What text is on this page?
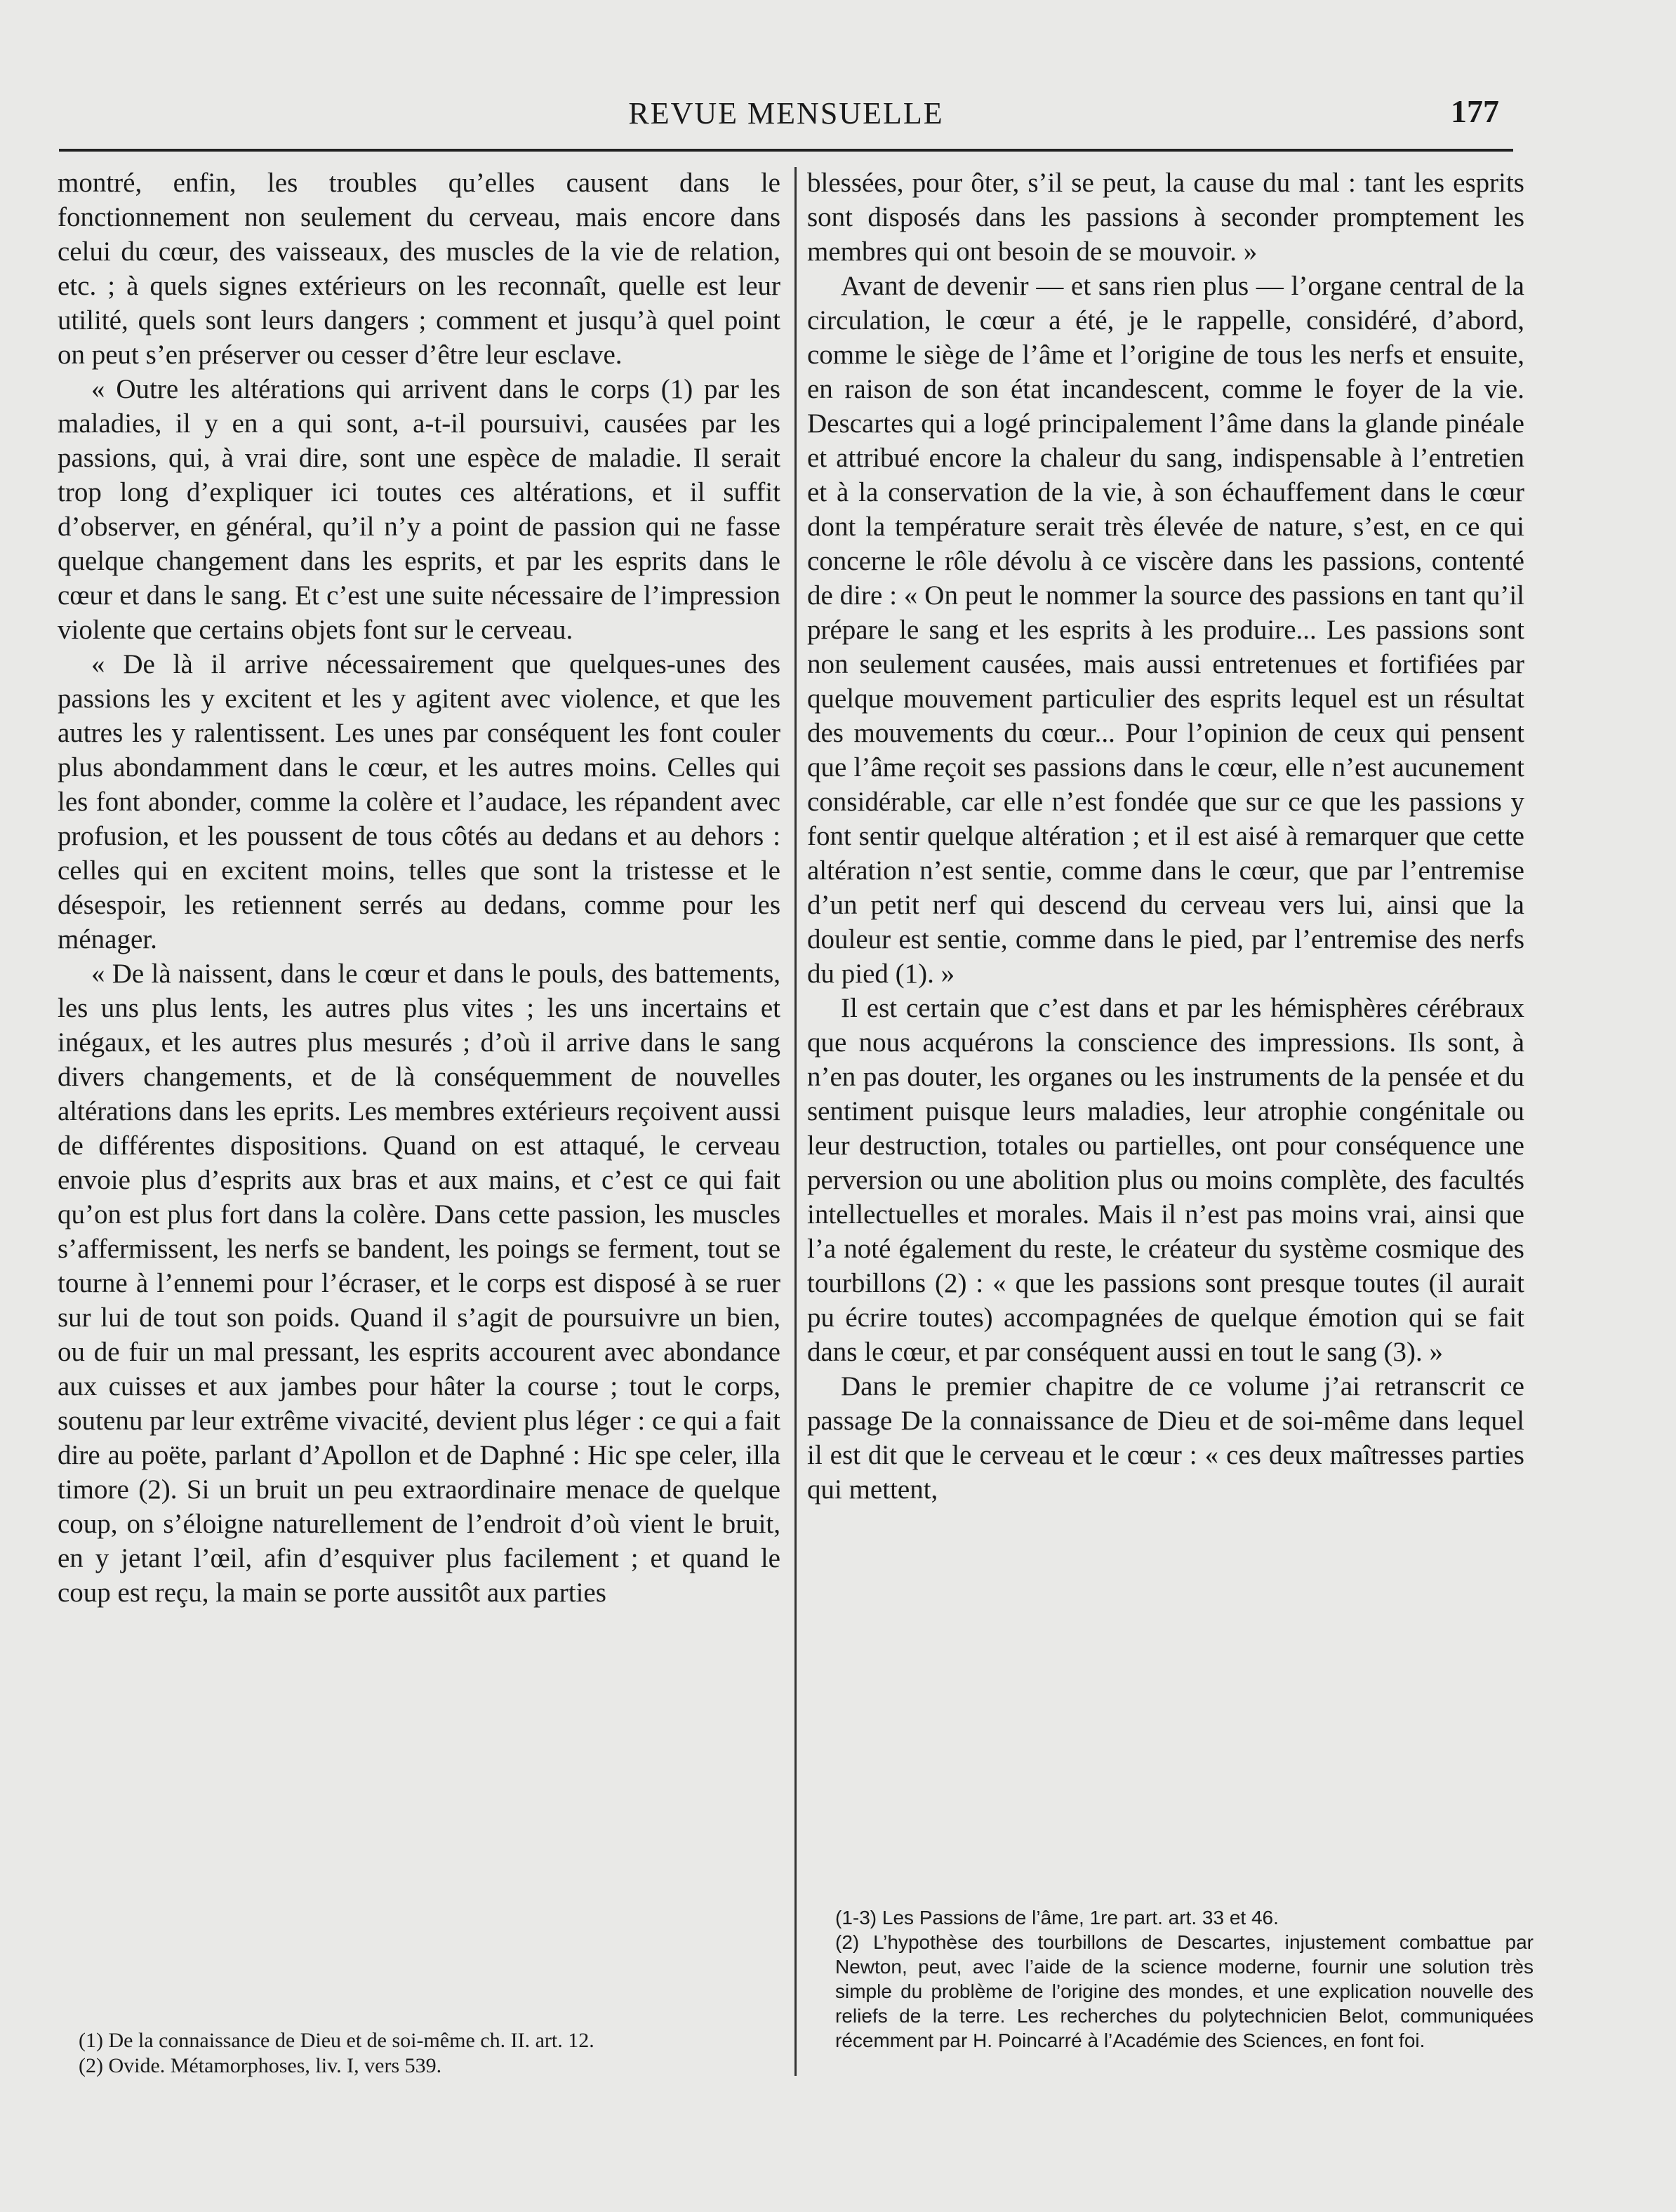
REVUE MENSUELLE	177

montré, enfin, les troubles qu’elles causent dans le fonctionnement non seulement du cerveau, mais encore dans celui du cœur, des vaisseaux, des muscles de la vie de relation, etc. ; à quels signes extérieurs on les reconnaît, quelle est leur utilité, quels sont leurs dangers ; comment et jusqu’à quel point on peut s’en préserver ou cesser d’être leur esclave.

« Outre les altérations qui arrivent dans le corps (1) par les maladies, il y en a qui sont, a-t-il poursuivi, causées par les passions, qui, à vrai dire, sont une espèce de maladie. Il serait trop long d’expliquer ici toutes ces altérations, et il suffit d’observer, en général, qu’il n’y a point de passion qui ne fasse quelque changement dans les esprits, et par les esprits dans le cœur et dans le sang. Et c’est une suite nécessaire de l’impression violente que certains objets font sur le cerveau.

« De là il arrive nécessairement que quelques-unes des passions les y excitent et les y agitent avec violence, et que les autres les y ralentissent. Les unes par conséquent les font couler plus abondamment dans le cœur, et les autres moins. Celles qui les font abonder, comme la colère et l’audace, les répandent avec profusion, et les poussent de tous côtés au dedans et au dehors : celles qui en excitent moins, telles que sont la tristesse et le désespoir, les retiennent serrés au dedans, comme pour les ménager.

« De là naissent, dans le cœur et dans le pouls, des battements, les uns plus lents, les autres plus vites ; les uns incertains et inégaux, et les autres plus mesurés ; d’où il arrive dans le sang divers changements, et de là conséquemment de nouvelles altérations dans les eprits. Les membres extérieurs reçoivent aussi de différentes dispositions. Quand on est attaqué, le cerveau envoie plus d’esprits aux bras et aux mains, et c’est ce qui fait qu’on est plus fort dans la colère. Dans cette passion, les muscles s’affermissent, les nerfs se bandent, les poings se ferment, tout se tourne à l’ennemi pour l’écraser, et le corps est disposé à se ruer sur lui de tout son poids. Quand il s’agit de poursuivre un bien, ou de fuir un mal pressant, les esprits accourent avec abondance aux cuisses et aux jambes pour hâter la course ; tout le corps, soutenu par leur extrême vivacité, devient plus léger : ce qui a fait dire au poëte, parlant d’Apollon et de Daphné : Hic spe celer, illa timore (2). Si un bruit un peu extraordinaire menace de quelque coup, on s’éloigne naturellement de l’endroit d’où vient le bruit, en y jetant l’œil, afin d’esquiver plus facilement ; et quand le coup est reçu, la main se porte aussitôt aux parties

blessées, pour ôter, s’il se peut, la cause du mal : tant les esprits sont disposés dans les passions à seconder promptement les membres qui ont besoin de se mouvoir. »

Avant de devenir — et sans rien plus — l’organe central de la circulation, le cœur a été, je le rappelle, considéré, d’abord, comme le siège de l’âme et l’origine de tous les nerfs et ensuite, en raison de son état incandescent, comme le foyer de la vie. Descartes qui a logé principalement l’âme dans la glande pinéale et attribué encore la chaleur du sang, indispensable à l’entretien et à la conservation de la vie, à son échauffement dans le cœur dont la température serait très élevée de nature, s’est, en ce qui concerne le rôle dévolu à ce viscère dans les passions, contenté de dire : « On peut le nommer la source des passions en tant qu’il prépare le sang et les esprits à les produire... Les passions sont non seulement causées, mais aussi entretenues et fortifiées par quelque mouvement particulier des esprits lequel est un résultat des mouvements du cœur... Pour l’opinion de ceux qui pensent que l’âme reçoit ses passions dans le cœur, elle n’est aucunement considérable, car elle n’est fondée que sur ce que les passions y font sentir quelque altération ; et il est aisé à remarquer que cette altération n’est sentie, comme dans le cœur, que par l’entremise d’un petit nerf qui descend du cerveau vers lui, ainsi que la douleur est sentie, comme dans le pied, par l’entremise des nerfs du pied (1). »

Il est certain que c’est dans et par les hémisphères cérébraux que nous acquérons la conscience des impressions. Ils sont, à n’en pas douter, les organes ou les instruments de la pensée et du sentiment puisque leurs maladies, leur atrophie congénitale ou leur destruction, totales ou partielles, ont pour conséquence une perversion ou une abolition plus ou moins complète, des facultés intellectuelles et morales. Mais il n’est pas moins vrai, ainsi que l’a noté également du reste, le créateur du système cosmique des tourbillons (2) : « que les passions sont presque toutes (il aurait pu écrire toutes) accompagnées de quelque émotion qui se fait dans le cœur, et par conséquent aussi en tout le sang (3). »

Dans le premier chapitre de ce volume j’ai retranscrit ce passage De la connaissance de Dieu et de soi-même dans lequel il est dit que le cerveau et le cœur : « ces deux maîtresses parties qui mettent,

(1) De la connaissance de Dieu et de soi-même ch. II. art. 12.

(2) Ovide. Métamorphoses, liv. I, vers 539.

(1-3) Les Passions de l’âme, 1re part. art. 33 et 46.

(2) L’hypothèse des tourbillons de Descartes, injustement combattue par Newton, peut, avec l’aide de la science moderne, fournir une solution très simple du problème de l’origine des mondes, et une explication nouvelle des reliefs de la terre. Les recherches du polytechnicien Belot, communiquées récemment par H. Poincarré à l’Académie des Sciences, en font foi.
